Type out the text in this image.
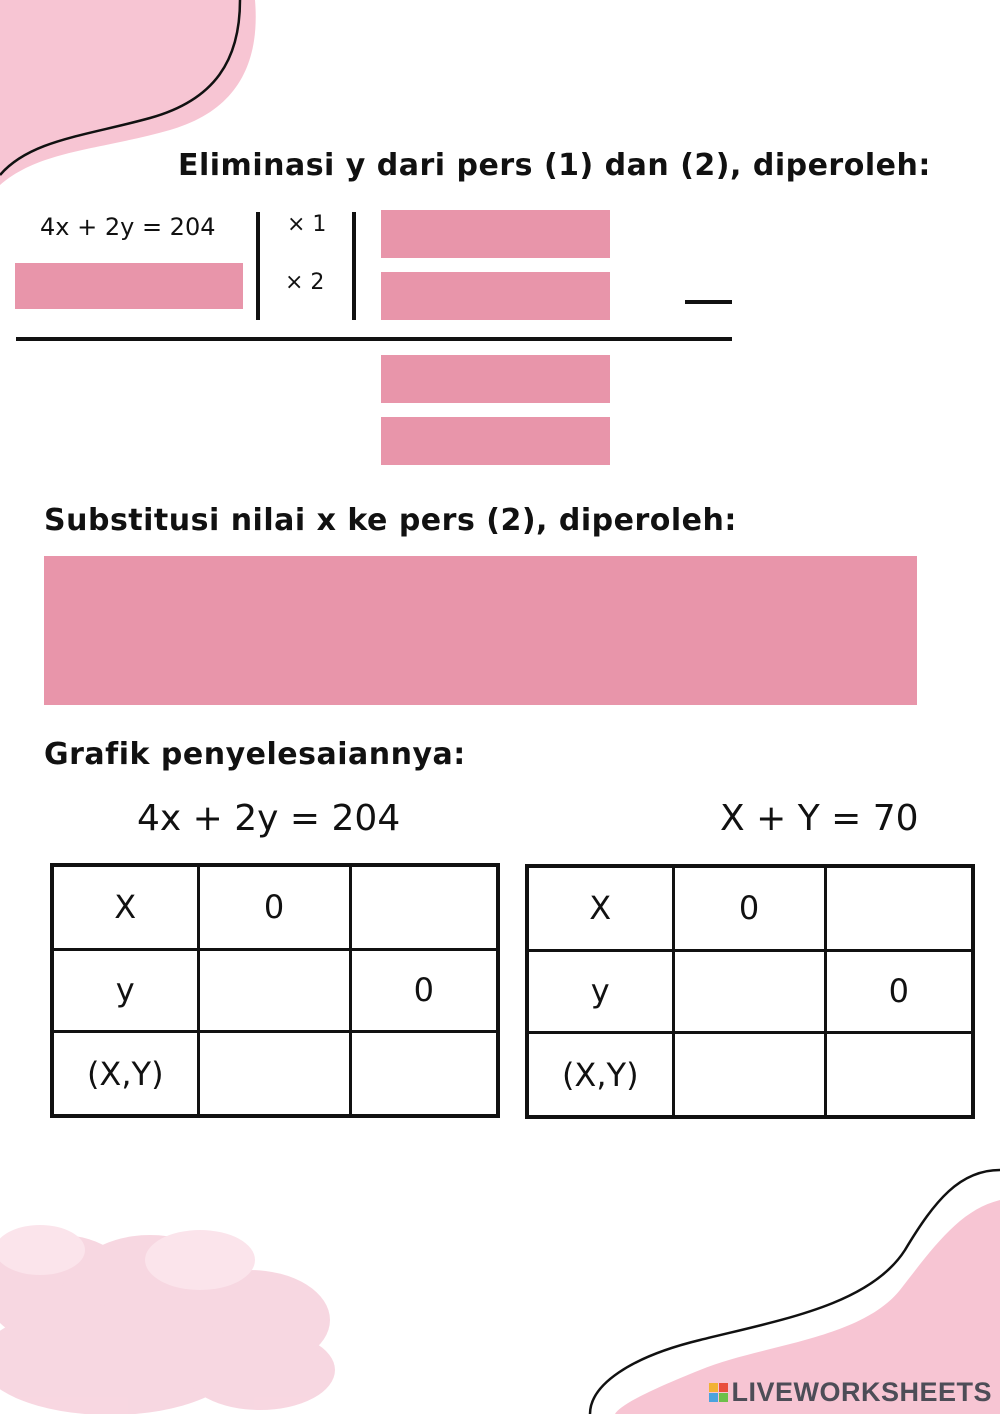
Eliminasi y dari pers (1) dan (2), diperoleh:
4x + 2y = 204	× 1
× 2
Substitusi nilai x ke pers (2), diperoleh:
Grafik penyelesaiannya:
4x + 2y = 204	X + Y = 70
X	0	
y		0
(X,Y)		
X	0	
y		0
(X,Y)		
LIVEWORKSHEETS
